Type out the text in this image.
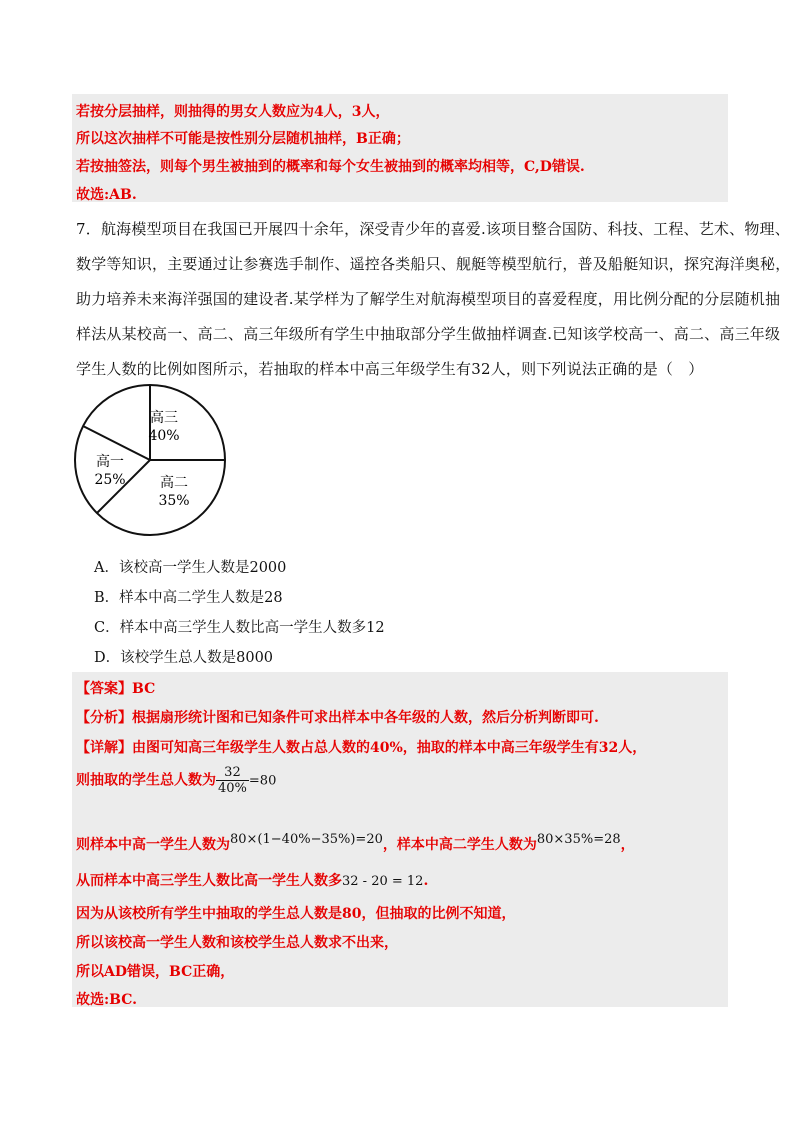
若按分层抽样，则抽得的男女人数应为4人，3人，
所以这次抽样不可能是按性别分层随机抽样，B正确；
若按抽签法，则每个男生被抽到的概率和每个女生被抽到的概率均相等，C,D错误.
故选:AB.
7．航海模型项目在我国已开展四十余年，深受青少年的喜爱.该项目整合国防、科技、工程、艺术、物理、
数学等知识，主要通过让参赛选手制作、遥控各类船只、舰艇等模型航行，普及船艇知识，探究海洋奥秘，
助力培养未来海洋强国的建设者.某学样为了解学生对航海模型项目的喜爱程度，用比例分配的分层随机抽
样法从某校高一、高二、高三年级所有学生中抽取部分学生做抽样调查.已知该学校高一、高二、高三年级
学生人数的比例如图所示，若抽取的样本中高三年级学生有32人，则下列说法正确的是（　）
高三
40%
高二
35%
高一
25%
A．该校高一学生人数是2000
B．样本中高二学生人数是28
C．样本中高三学生人数比高一学生人数多12
D．该校学生总人数是8000
【答案】BC
【分析】根据扇形统计图和已知条件可求出样本中各年级的人数，然后分析判断即可.
【详解】由图可知高三年级学生人数占总人数的40%，抽取的样本中高三年级学生有32人，
则抽取的学生总人数为 $\frac{32}{40\%} =80$
则样本中高一学生人数为80×(1−40%−35%)=20，样本中高二学生人数为80×35%=28，
从而样本中高三学生人数比高一学生人数多32 - 20 = 12.
因为从该校所有学生中抽取的学生总人数是80，但抽取的比例不知道，
所以该校高一学生人数和该校学生总人数求不出来，
所以AD错误，BC正确，
故选:BC.
